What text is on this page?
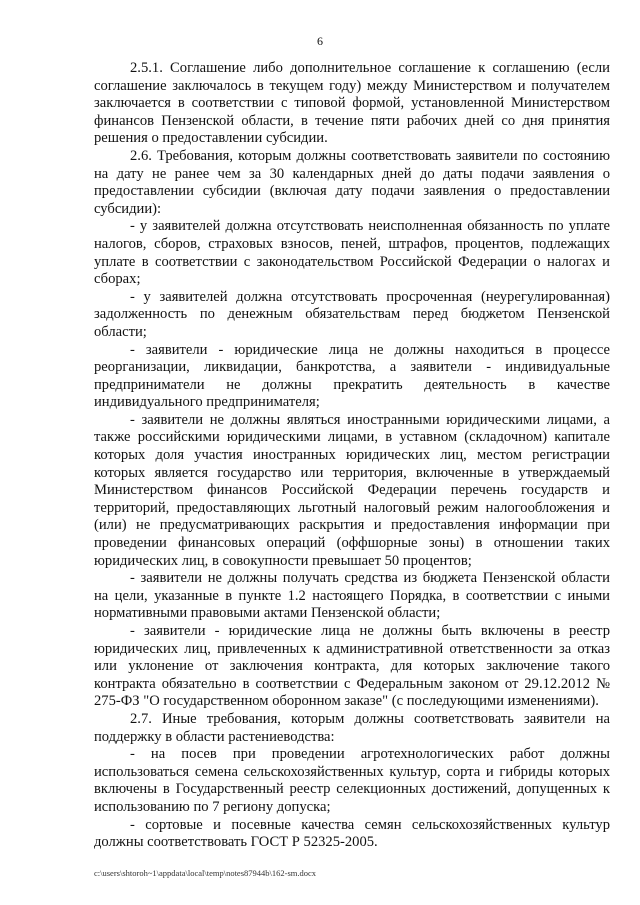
6

2.5.1. Соглашение либо дополнительное соглашение к соглашению (если соглашение заключалось в текущем году) между Министерством и получателем заключается в соответствии с типовой формой, установленной Министерством финансов Пензенской области, в течение пяти рабочих дней со дня принятия решения о предоставлении субсидии.

2.6. Требования, которым должны соответствовать заявители по состоянию на дату не ранее чем за 30 календарных дней до даты подачи заявления о предоставлении субсидии (включая дату подачи заявления о предоставлении субсидии):

- у заявителей должна отсутствовать неисполненная обязанность по уплате налогов, сборов, страховых взносов, пеней, штрафов, процентов, подлежащих уплате в соответствии с законодательством Российской Федерации о налогах и сборах;

- у заявителей должна отсутствовать просроченная (неурегулированная) задолженность по денежным обязательствам перед бюджетом Пензенской области;

- заявители - юридические лица не должны находиться в процессе реорганизации, ликвидации, банкротства, а заявители - индивидуальные предприниматели не должны прекратить деятельность в качестве индивидуального предпринимателя;

- заявители не должны являться иностранными юридическими лицами, а также российскими юридическими лицами, в уставном (складочном) капитале которых доля участия иностранных юридических лиц, местом регистрации которых является государство или территория, включенные в утверждаемый Министерством финансов Российской Федерации перечень государств и территорий, предоставляющих льготный налоговый режим налогообложения и (или) не предусматривающих раскрытия и предоставления информации при проведении финансовых операций (оффшорные зоны) в отношении таких юридических лиц, в совокупности превышает 50 процентов;

- заявители не должны получать средства из бюджета Пензенской области на цели, указанные в пункте 1.2 настоящего Порядка, в соответствии с иными нормативными правовыми актами Пензенской области;

- заявители - юридические лица не должны быть включены в реестр юридических лиц, привлеченных к административной ответственности за отказ или уклонение от заключения контракта, для которых заключение такого контракта обязательно в соответствии с Федеральным законом от 29.12.2012 № 275-ФЗ "О государственном оборонном заказе" (с последующими изменениями).

2.7. Иные требования, которым должны соответствовать заявители на поддержку в области растениеводства:

- на посев при проведении агротехнологических работ должны использоваться семена сельскохозяйственных культур, сорта и гибриды которых включены в Государственный реестр селекционных достижений, допущенных к использованию по 7 региону допуска;

- сортовые и посевные качества семян сельскохозяйственных культур должны соответствовать ГОСТ Р 52325-2005.

c:\users\shtoroh~1\appdata\local\temp\notes87944b\162-sm.docx
